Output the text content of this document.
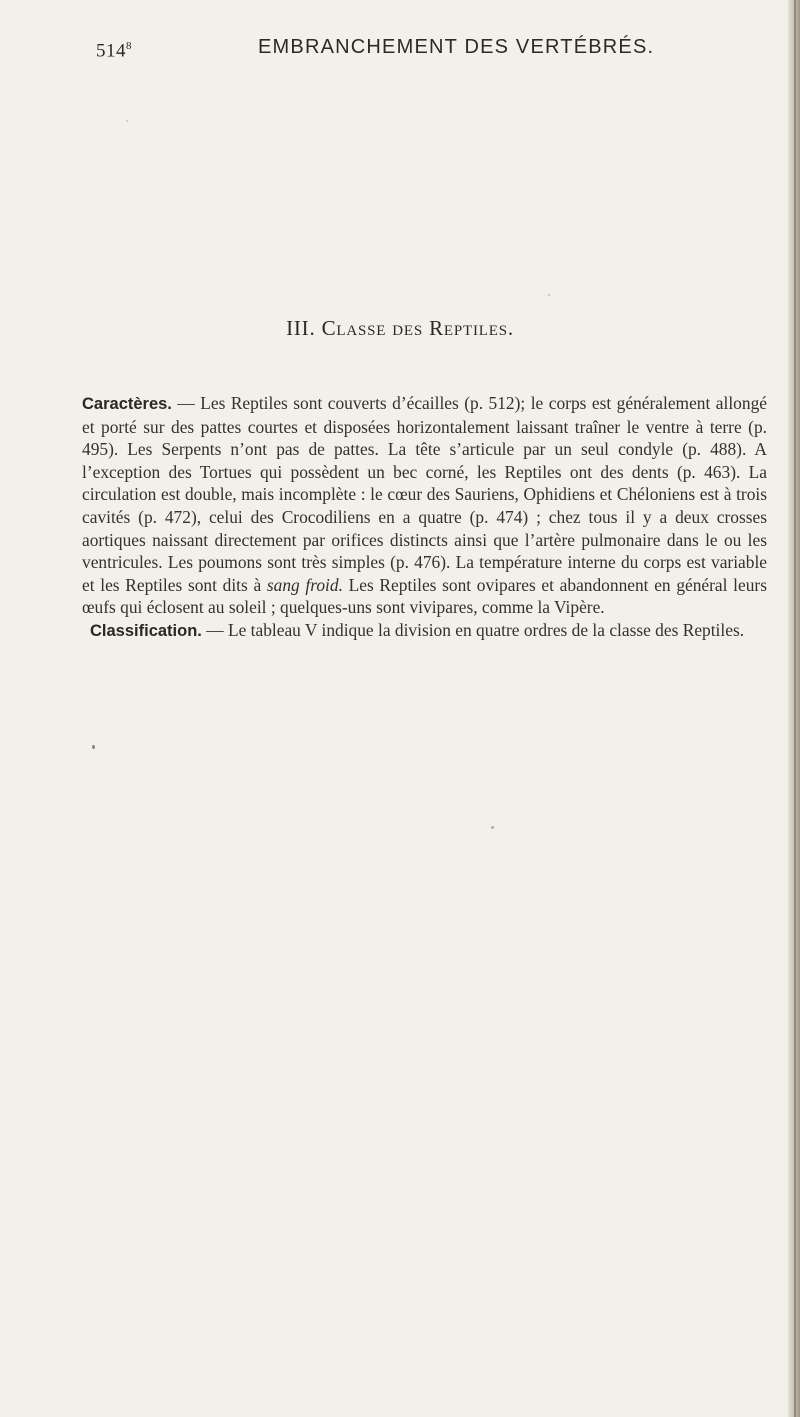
$514^8$	EMBRANCHEMENT DES VERTÉBRÉS.
III. Classe des Reptiles.

Caractères. — Les Reptiles sont couverts d’écailles (p. 512); le corps est généralement allongé et porté sur des pattes courtes et disposées horizontalement laissant traîner le ventre à terre (p. 495). Les Serpents n’ont pas de pattes. La tête s’articule par un seul condyle (p. 488). A l’exception des Tortues qui possèdent un bec corné, les Reptiles ont des dents (p. 463). La circulation est double, mais incomplète : le cœur des Sauriens, Ophidiens et Chéloniens est à trois cavités (p. 472), celui des Crocodiliens en a quatre (p. 474) ; chez tous il y a deux crosses aortiques naissant directement par orifices distincts ainsi que l’artère pulmonaire dans le ou les ventricules. Les poumons sont très simples (p. 476). La température interne du corps est variable et les Reptiles sont dits à sang froid. Les Reptiles sont ovipares et abandonnent en général leurs œufs qui éclosent au soleil ; quelques-uns sont vivipares, comme la Vipère.

Classification. — Le tableau V indique la division en quatre ordres de la classe des Reptiles.
